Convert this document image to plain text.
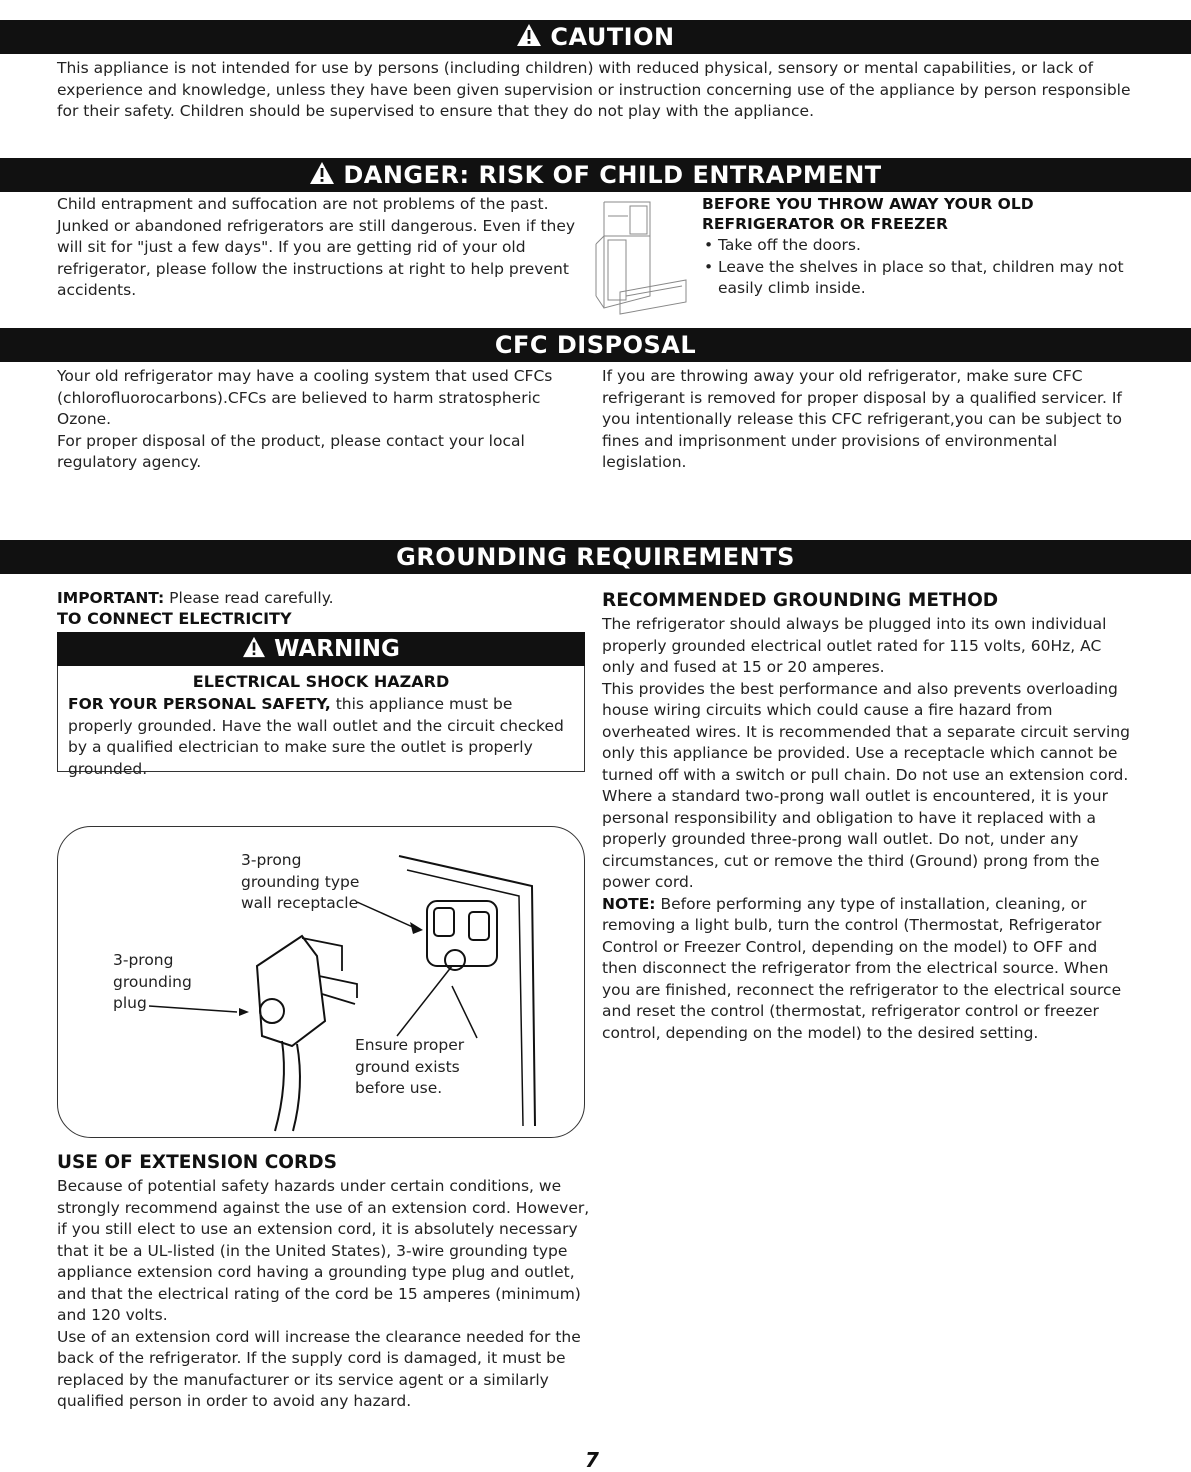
CAUTION
This appliance is not intended for use by persons (including children) with reduced physical, sensory or mental capabilities, or lack of experience and knowledge, unless they have been given supervision or instruction concerning use of the appliance by person responsible for their safety. Children should be supervised to ensure that they do not play with the appliance.
DANGER: RISK OF CHILD ENTRAPMENT
Child entrapment and suffocation are not problems of the past. Junked or abandoned refrigerators are still dangerous. Even if they will sit for "just a few days". If you are getting rid of your old refrigerator, please follow the instructions at right to help prevent accidents.
BEFORE YOU THROW AWAY YOUR OLD REFRIGERATOR OR FREEZER
• Take off the doors.
• Leave the shelves in place so that, children may not easily climb inside.
CFC DISPOSAL

Your old refrigerator may have a cooling system that used CFCs (chlorofluorocarbons).CFCs are believed to harm stratospheric Ozone.

For proper disposal of the product, please contact your local regulatory agency.

If you are throwing away your old refrigerator, make sure CFC refrigerant is removed for proper disposal by a qualified servicer. If you intentionally release this CFC refrigerant,you can be subject to fines and imprisonment under provisions of environmental legislation.
GROUNDING REQUIREMENTS
IMPORTANT: Please read carefully.
TO CONNECT ELECTRICITY
WARNING
ELECTRICAL SHOCK HAZARD
FOR YOUR PERSONAL SAFETY, this appliance must be properly grounded. Have the wall outlet and the circuit checked by a qualified electrician to make sure the outlet is properly grounded.
3-prong
grounding type
wall receptacle
3-prong
grounding
plug
Ensure proper
ground exists
before use.
USE OF EXTENSION CORDS

Because of potential safety hazards under certain conditions, we strongly recommend against the use of an extension cord. However, if you still elect to use an extension cord, it is absolutely necessary that it be a UL-listed (in the United States), 3-wire grounding type appliance extension cord having a grounding type plug and outlet, and that the electrical rating of the cord be 15 amperes (minimum) and 120 volts.

Use of an extension cord will increase the clearance needed for the back of the refrigerator. If the supply cord is damaged, it must be replaced by the manufacturer or its service agent or a similarly qualified person in order to avoid any hazard.

RECOMMENDED GROUNDING METHOD

The refrigerator should always be plugged into its own individual properly grounded electrical outlet rated for 115 volts, 60Hz, AC only and fused at 15 or 20 amperes.

This provides the best performance and also prevents overloading house wiring circuits which could cause a fire hazard from overheated wires. It is recommended that a separate circuit serving only this appliance be provided. Use a receptacle which cannot be turned off with a switch or pull chain. Do not use an extension cord.

Where a standard two-prong wall outlet is encountered, it is your personal responsibility and obligation to have it replaced with a properly grounded three-prong wall outlet. Do not, under any circumstances, cut or remove the third (Ground) prong from the power cord.

NOTE: Before performing any type of installation, cleaning, or removing a light bulb, turn the control (Thermostat, Refrigerator Control or Freezer Control, depending on the model) to OFF and then disconnect the refrigerator from the electrical source. When you are finished, reconnect the refrigerator to the electrical source and reset the control (thermostat, refrigerator control or freezer control, depending on the model) to the desired setting.

7
